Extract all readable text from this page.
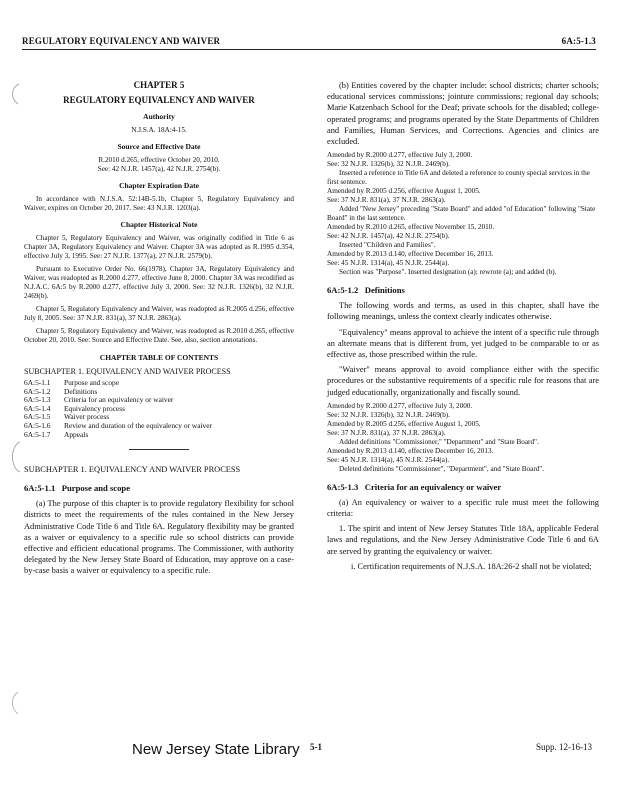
REGULATORY EQUIVALENCY AND WAIVER	6A:5-1.3

CHAPTER 5

REGULATORY EQUIVALENCY AND WAIVER

Authority
N.J.S.A. 18A:4-15.
Source and Effective Date
R.2010 d.265, effective October 20, 2010.
See: 42 N.J.R. 1457(a), 42 N.J.R. 2754(b).
Chapter Expiration Date

In accordance with N.J.S.A. 52:14B-5.1b, Chapter 5, Regulatory Equivalency and Waiver, expires on October 20, 2017. See: 43 N.J.R. 1203(a).

Chapter Historical Note

Chapter 5, Regulatory Equivalency and Waiver, was originally codified in Title 6 as Chapter 3A, Regulatory Equivalency and Waiver. Chapter 3A was adopted as R.1995 d.354, effective July 3, 1995. See: 27 N.J.R. 1377(a), 27 N.J.R. 2579(b).

Pursuant to Executive Order No. 66(1978), Chapter 3A, Regulatory Equivalency and Waiver, was readopted as R.2000 d.277, effective June 8, 2000. Chapter 3A was recodified as N.J.A.C. 6A:5 by R.2000 d.277, effective July 3, 2000. See: 32 N.J.R. 1326(b), 32 N.J.R. 2469(b).

Chapter 5, Regulatory Equivalency and Waiver, was readopted as R.2005 d.256, effective July 8, 2005. See: 37 N.J.R. 831(a), 37 N.J.R. 2863(a).

Chapter 5, Regulatory Equivalency and Waiver, was readopted as R.2010 d.265, effective October 20, 2010. See: Source and Effective Date. See, also, section annotations.

CHAPTER TABLE OF CONTENTS
SUBCHAPTER 1. EQUIVALENCY AND WAIVER PROCESS
6A:5-1.1	Purpose and scope
6A:5-1.2	Definitions
6A:5-1.3	Criteria for an equivalency or waiver
6A:5-1.4	Equivalency process
6A:5-1.5	Waiver process
6A:5-1.6	Review and duration of the equivalency or waiver
6A:5-1.7	Appeals
SUBCHAPTER 1. EQUIVALENCY AND WAIVER PROCESS
6A:5-1.1 Purpose and scope

(a) The purpose of this chapter is to provide regulatory flexibility for school districts to meet the requirements of the rules contained in the New Jersey Administrative Code Title 6 and Title 6A. Regulatory flexibility may be granted as a waiver or equivalency to a specific rule so school districts can provide effective and efficient educational programs. The Commissioner, with authority delegated by the New Jersey State Board of Education, may approve on a case-by-case basis a waiver or equivalency to a specific rule.

(b) Entities covered by the chapter include: school districts; charter schools; educational services commissions; jointure commissions; regional day schools; Marie Katzenbach School for the Deaf; private schools for the disabled; college-operated programs; and programs operated by the State Departments of Children and Families, Human Services, and Corrections. Agencies and clinics are excluded.

Amended by R.2000 d.277, effective July 3, 2000.
See: 32 N.J.R. 1326(b), 32 N.J.R. 2469(b).
Inserted a reference to Title 6A and deleted a reference to county special services in the first sentence.
Amended by R.2005 d.256, effective August 1, 2005.
See: 37 N.J.R. 831(a), 37 N.J.R. 2863(a).
Added "New Jersey" preceding "State Board" and added "of Education" following "State Board" in the last sentence.
Amended by R.2010 d.265, effective November 15, 2010.
See: 42 N.J.R. 1457(a), 42 N.J.R. 2754(b).
Inserted "Children and Families".
Amended by R.2013 d.140, effective December 16, 2013.
See: 45 N.J.R. 1314(a), 45 N.J.R. 2544(a).
Section was "Purpose". Inserted designation (a); rewrote (a); and added (b).
6A:5-1.2 Definitions

The following words and terms, as used in this chapter, shall have the following meanings, unless the context clearly indicates otherwise.

"Equivalency" means approval to achieve the intent of a specific rule through an alternate means that is different from, yet judged to be comparable to or as effective as, those prescribed within the rule.

"Waiver" means approval to avoid compliance either with the specific procedures or the substantive requirements of a specific rule for reasons that are judged educationally, organizationally and fiscally sound.

Amended by R.2000 d.277, effective July 3, 2000.
See: 32 N.J.R. 1326(b), 32 N.J.R. 2469(b).
Amended by R.2005 d.256, effective August 1, 2005.
See: 37 N.J.R. 831(a), 37 N.J.R. 2863(a).
Added definitions "Commissioner," "Department" and "State Board".
Amended by R.2013 d.140, effective December 16, 2013.
See: 45 N.J.R. 1314(a), 45 N.J.R. 2544(a).
Deleted definitions "Commissioner", "Department", and "State Board".
6A:5-1.3 Criteria for an equivalency or waiver

(a) An equivalency or waiver to a specific rule must meet the following criteria:

1. The spirit and intent of New Jersey Statutes Title 18A, applicable Federal laws and regulations, and the New Jersey Administrative Code Title 6 and 6A are served by granting the equivalency or waiver.

i. Certification requirements of N.J.S.A. 18A:26-2 shall not be violated;

New Jersey State Library 5-1	Supp. 12-16-13
